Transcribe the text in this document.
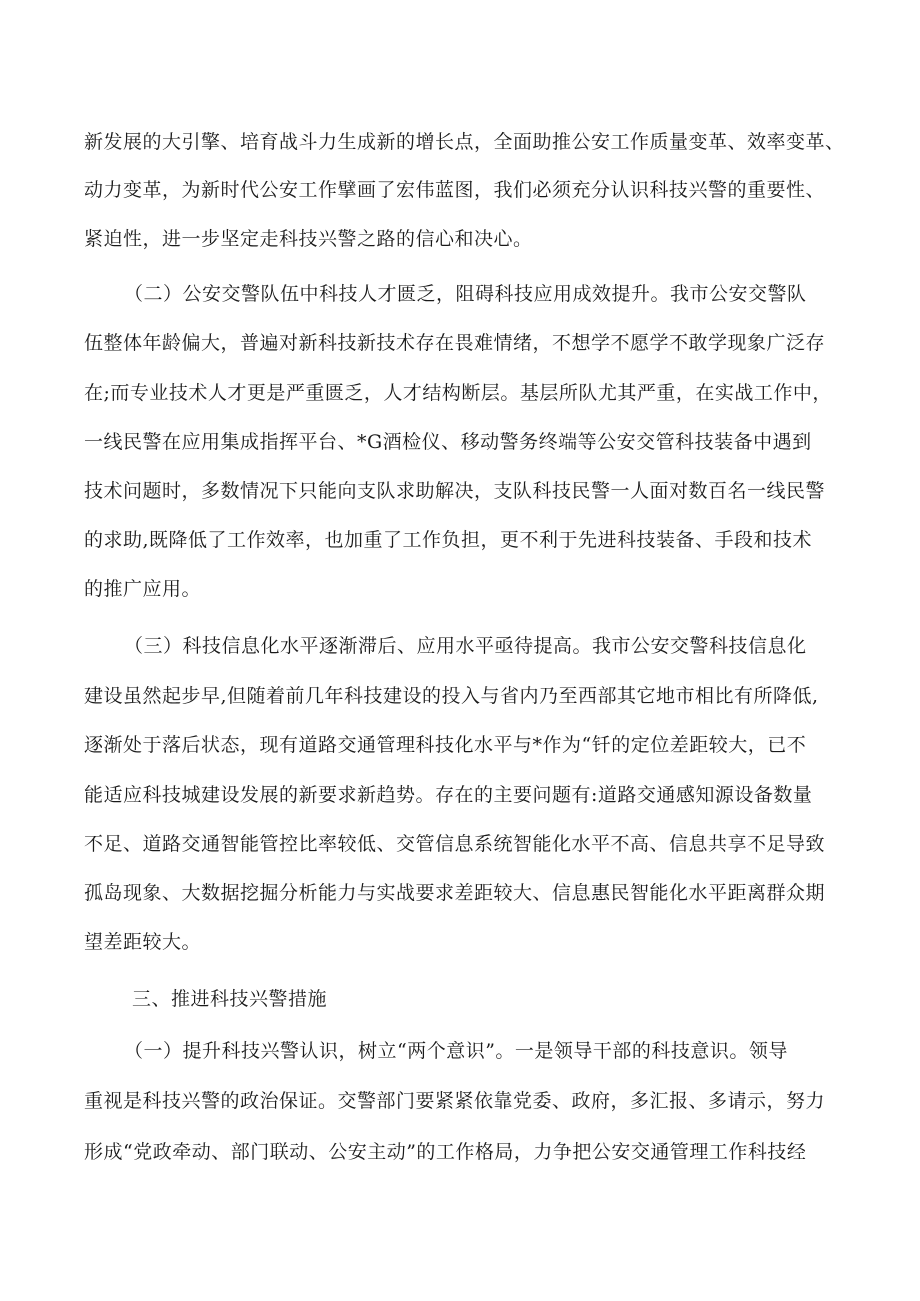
新发展的大引擎、培育战斗力生成新的增长点，全面助推公安工作质量变革、效率变革、
动力变革，为新时代公安工作擘画了宏伟蓝图，我们必须充分认识科技兴警的重要性、
紧迫性，进一步坚定走科技兴警之路的信心和决心。
（二）公安交警队伍中科技人才匮乏，阻碍科技应用成效提升。我市公安交警队
伍整体年龄偏大，普遍对新科技新技术存在畏难情绪，不想学不愿学不敢学现象广泛存
在;而专业技术人才更是严重匮乏，人才结构断层。基层所队尤其严重，在实战工作中，
一线民警在应用集成指挥平台、*G酒检仪、移动警务终端等公安交管科技装备中遇到
技术问题时，多数情况下只能向支队求助解决，支队科技民警一人面对数百名一线民警
的求助,既降低了工作效率，也加重了工作负担，更不利于先进科技装备、手段和技术
的推广应用。
（三）科技信息化水平逐渐滞后、应用水平亟待提高。我市公安交警科技信息化
建设虽然起步早,但随着前几年科技建设的投入与省内乃至西部其它地市相比有所降低,
逐渐处于落后状态，现有道路交通管理科技化水平与*作为“钎的定位差距较大，已不
能适应科技城建设发展的新要求新趋势。存在的主要问题有:道路交通感知源设备数量
不足、道路交通智能管控比率较低、交管信息系统智能化水平不高、信息共享不足导致
孤岛现象、大数据挖掘分析能力与实战要求差距较大、信息惠民智能化水平距离群众期
望差距较大。
三、推进科技兴警措施
（一）提升科技兴警认识，树立“两个意识”。一是领导干部的科技意识。领导
重视是科技兴警的政治保证。交警部门要紧紧依靠党委、政府，多汇报、多请示，努力
形成“党政牵动、部门联动、公安主动”的工作格局，力争把公安交通管理工作科技经
